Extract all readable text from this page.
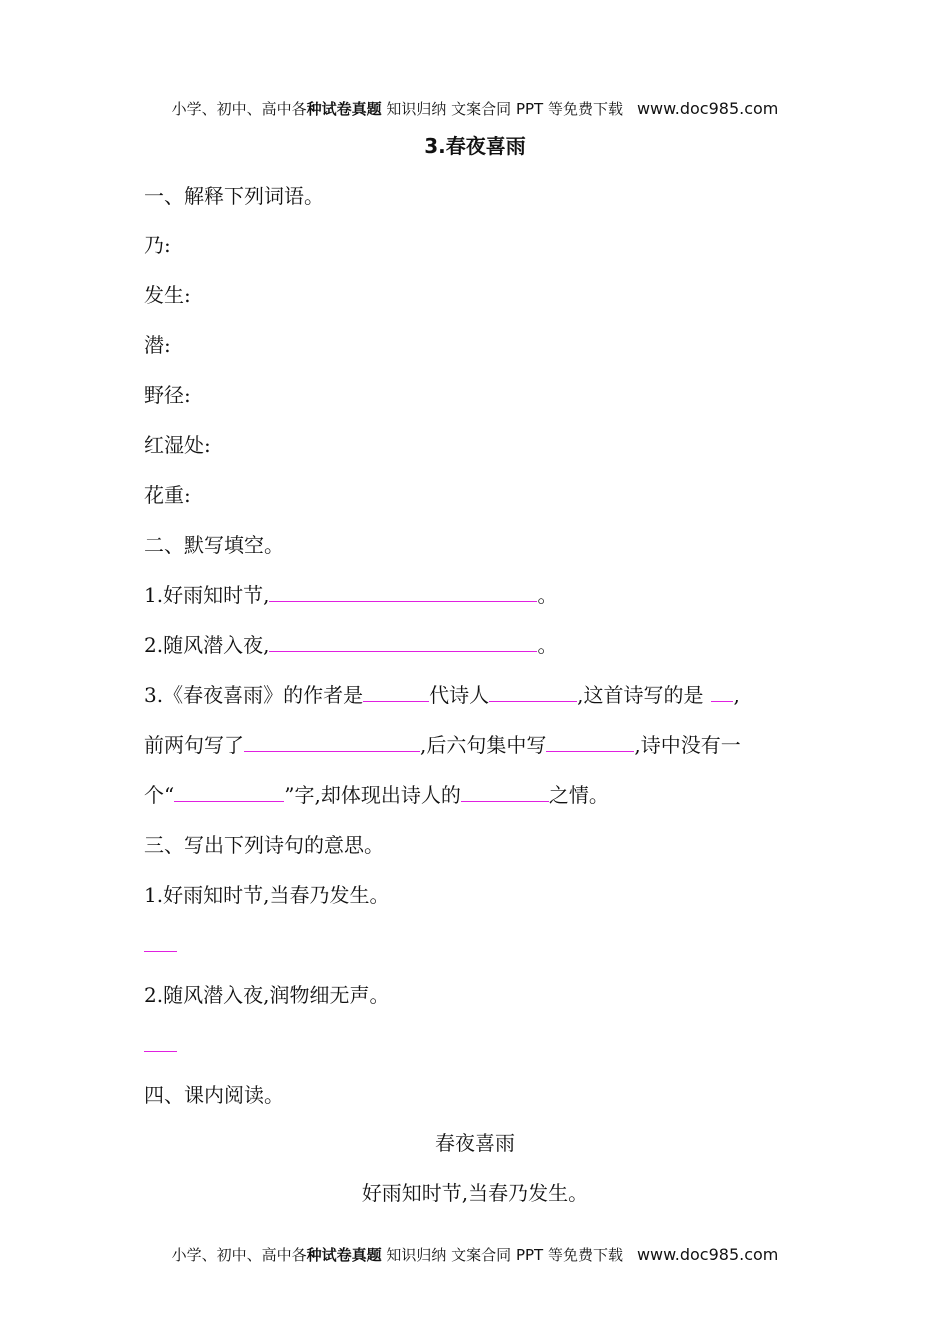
小学、初中、高中各种试卷真题 知识归纳 文案合同 PPT 等免费下载 www.doc985.com
3.春夜喜雨
一、解释下列词语。
乃:
发生:
潜:
野径:
红湿处:
花重:
二、默写填空。
1.好雨知时节,	。
2.随风潜入夜,	。
3.《春夜喜雨》的作者是	代诗人	,这首诗写的是 ,
前两句写了	,后六句集中写	,诗中没有一
个“	”字,却体现出诗人的	之情。
三、写出下列诗句的意思。
1.好雨知时节,当春乃发生。
2.随风潜入夜,润物细无声。
四、课内阅读。
春夜喜雨
好雨知时节,当春乃发生。
小学、初中、高中各种试卷真题 知识归纳 文案合同 PPT 等免费下载 www.doc985.com
